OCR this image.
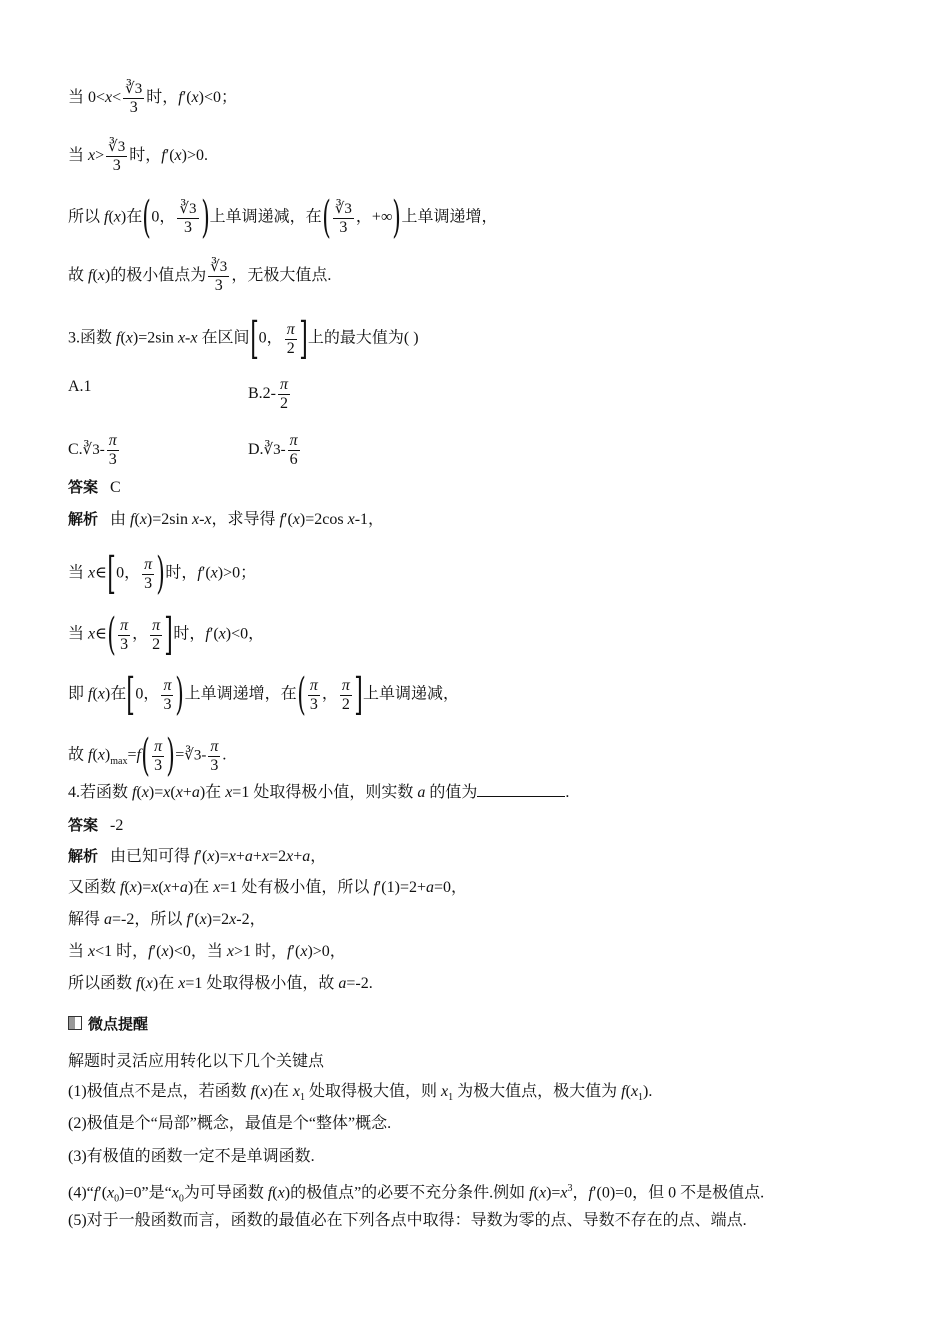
当 $0<x< \frac{∛3}{3}$ 时，f′(x)<0；
当 $x> \frac{∛3}{3}$ 时，f′(x)>0.
所以 f(x)在(0， $\frac{∛3}{3}$ )上单调递减，在( $\frac{∛3}{3}$ ，+∞)上单调递增，
故 f(x)的极小值点为 $\frac{∛3}{3}$ ，无极大值点.
3.函数 f(x)=2sin x-x 在区间[0， $\frac{\pi}{2}$ ]上的最大值为( )
A.1	$B.2- \frac{\pi}{2}$
C.∛3- $\frac{\pi}{3}$	D.∛3- $\frac{\pi}{6}$
答案 C
解析 由 f(x)=2sin x-x，求导得 f′(x)=2cos x-1，
当 x∈[0， $\frac{\pi}{3}$ )时，f′(x)>0；
当 x∈( $\frac{\pi}{3}$ ， $\frac{\pi}{2}$ ]时，f′(x)<0，
即 f(x)在[0， $\frac{\pi}{3}$ )上单调递增，在( $\frac{\pi}{3}$ ， $\frac{\pi}{2}$ ]上单调递减，
故 $f(x)_{max}=f( \frac{\pi}{3}$ )=∛3- $\frac{\pi}{3}$ .
4.若函数 f(x)=x(x+a)在 x=1 处取得极小值，则实数 a 的值为	.
答案 -2
解析 由已知可得 f′(x)=x+a+x=2x+a，
又函数 f(x)=x(x+a)在 x=1 处有极小值，所以 f′(1)=2+a=0，
解得 a=-2，所以 f′(x)=2x-2，
当 x<1 时，f′(x)<0，当 x>1 时，f′(x)>0，
所以函数 f(x)在 x=1 处取得极小值，故 a=-2.
微点提醒
解题时灵活应用转化以下几个关键点
(1)极值点不是点，若函数 f(x)在 $x_1$ 处取得极大值，则 $x_1$ 为极大值点，极大值为 $f(x_1)$.
(2)极值是个“局部”概念，最值是个“整体”概念.
(3)有极值的函数一定不是单调函数.
$(4)“f'(x_0)=0$”是“$x_0$为可导函数 f(x)的极值点”的必要不充分条件.例如 $f(x)=x^3$，f′(0)=0，但 0 不是极值点.
(5)对于一般函数而言，函数的最值必在下列各点中取得：导数为零的点、导数不存在的点、端点.
